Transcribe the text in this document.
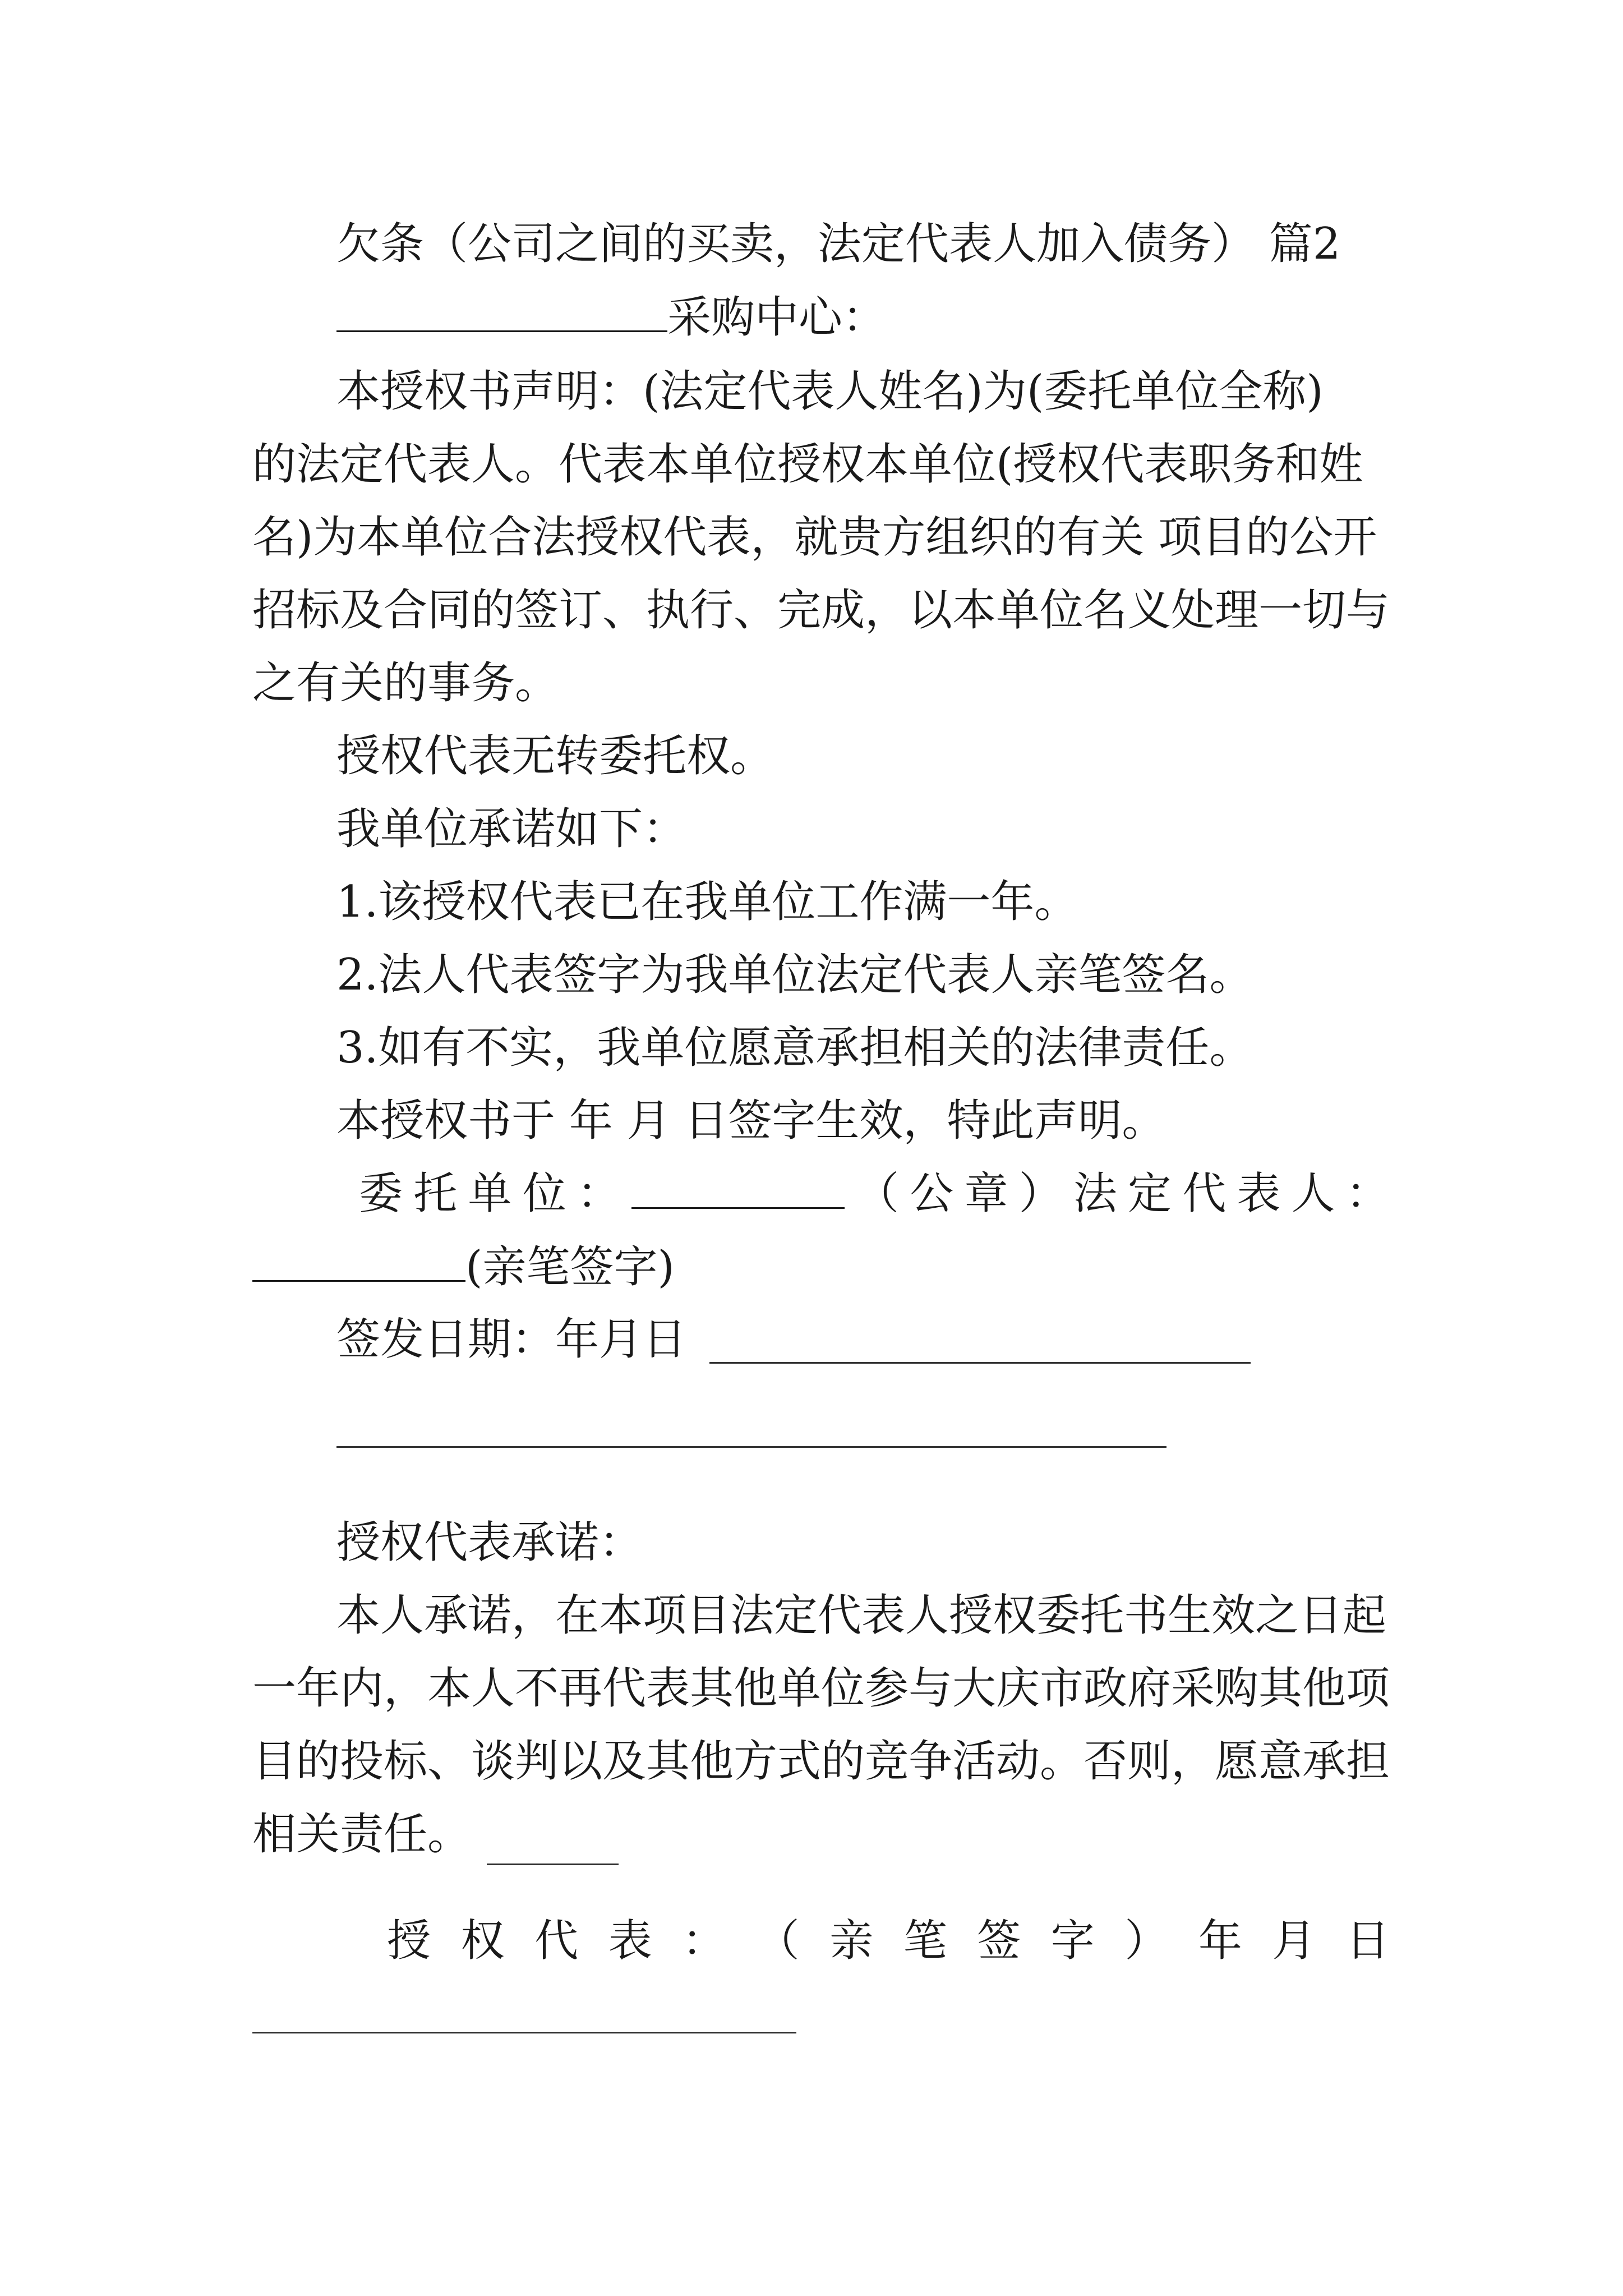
欠条（公司之间的买卖，法定代表人加入债务） 篇2
采购中心：
本授权书声明：(法定代表人姓名)为(委托单位全称)
的法定代表人。代表本单位授权本单位(授权代表职务和姓
名)为本单位合法授权代表，就贵方组织的有关 项目的公开
招标及合同的签订、执行、完成，以本单位名义处理一切与
之有关的事务。
授权代表无转委托权。
我单位承诺如下：
1.该授权代表已在我单位工作满一年。
2.法人代表签字为我单位法定代表人亲笔签名。
3.如有不实，我单位愿意承担相关的法律责任。
本授权书于 年 月 日签字生效，特此声明。
委 托 单 位 ：	（ 公 章 ） 法 定 代 表 人 ：
(亲笔签字)
签发日期：年月日
授权代表承诺：
本人承诺，在本项目法定代表人授权委托书生效之日起
一年内，本人不再代表其他单位参与大庆市政府采购其他项
目的投标、谈判以及其他方式的竞争活动。否则，愿意承担
相关责任。
授 权 代 表 ： （ 亲 笔 签 字 ） 年 月 日
